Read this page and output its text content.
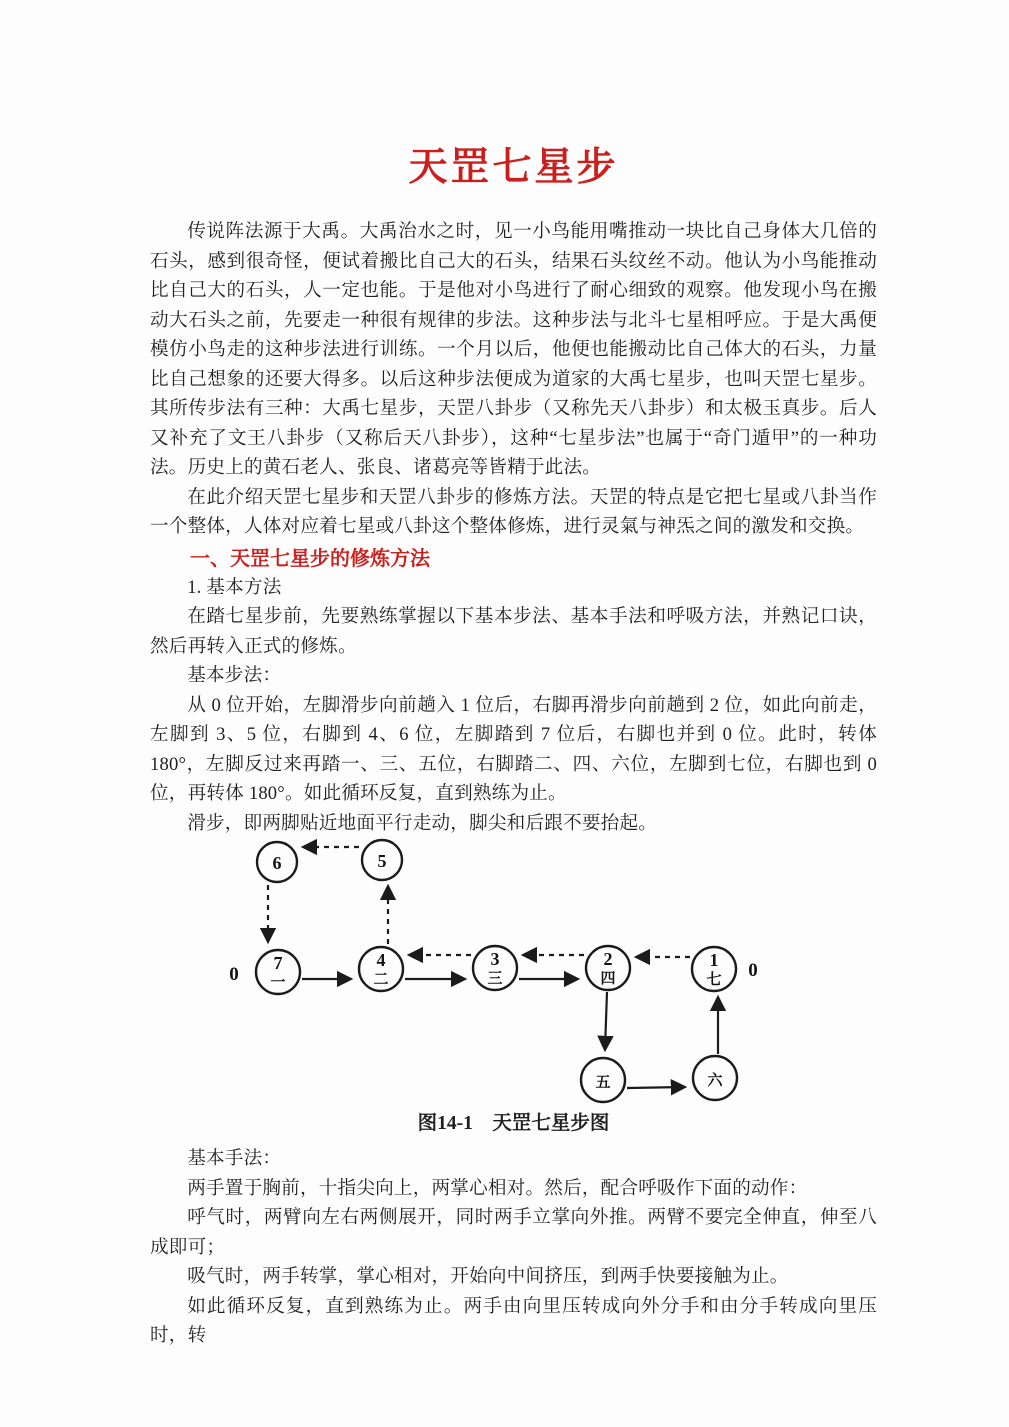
天罡七星步

传说阵法源于大禹。大禹治水之时，见一小鸟能用嘴推动一块比自己身体大几倍的石头，感到很奇怪，便试着搬比自己大的石头，结果石头纹丝不动。他认为小鸟能推动比自己大的石头，人一定也能。于是他对小鸟进行了耐心细致的观察。他发现小鸟在搬动大石头之前，先要走一种很有规律的步法。这种步法与北斗七星相呼应。于是大禹便模仿小鸟走的这种步法进行训练。一个月以后，他便也能搬动比自己体大的石头，力量比自己想象的还要大得多。以后这种步法便成为道家的大禹七星步，也叫天罡七星步。其所传步法有三种：大禹七星步，天罡八卦步（又称先天八卦步）和太极玉真步。后人又补充了文王八卦步（又称后天八卦步），这种“七星步法”也属于“奇门遁甲”的一种功法。历史上的黄石老人、张良、诸葛亮等皆精于此法。

在此介绍天罡七星步和天罡八卦步的修炼方法。天罡的特点是它把七星或八卦当作一个整体，人体对应着七星或八卦这个整体修炼，进行灵氣与神炁之间的激发和交换。

一、天罡七星步的修炼方法

1. 基本方法

在踏七星步前，先要熟练掌握以下基本步法、基本手法和呼吸方法，并熟记口诀，然后再转入正式的修炼。

基本步法：

从 0 位开始，左脚滑步向前趟入 1 位后，右脚再滑步向前趟到 2 位，如此向前走，左脚到 3、5 位，右脚到 4、6 位，左脚踏到 7 位后，右脚也并到 0 位。此时，转体 180°，左脚反过来再踏一、三、五位，右脚踏二、四、六位，左脚到七位，右脚也到 0 位，再转体 180°。如此循环反复，直到熟练为止。

滑步，即两脚贴近地面平行走动，脚尖和后跟不要抬起。

6	5
7
一
4
二
3
三
2
四
1
七
五	六
0	0
图14-1　天罡七星步图

基本手法：

两手置于胸前，十指尖向上，两掌心相对。然后，配合呼吸作下面的动作：

呼气时，两臂向左右两侧展开，同时两手立掌向外推。两臂不要完全伸直，伸至八成即可；

吸气时，两手转掌，掌心相对，开始向中间挤压，到两手快要接触为止。

如此循环反复，直到熟练为止。两手由向里压转成向外分手和由分手转成向里压时，转
